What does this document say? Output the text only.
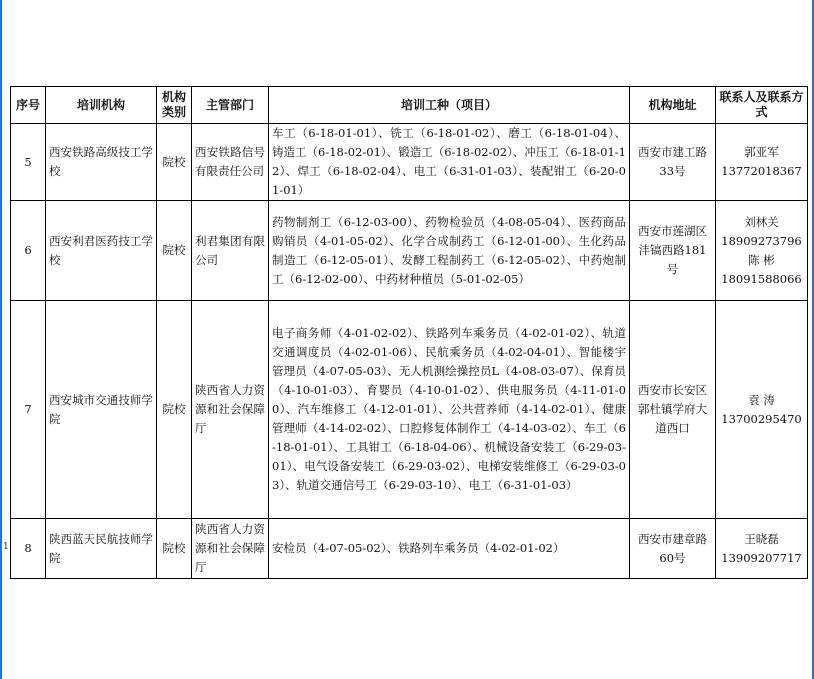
1
序号	培训机构	机构类别	主管部门	培训工种（项目）	机构地址	联系人及联系方式
5	西安铁路高级技工学校	院校	西安铁路信号有限责任公司	车工（6-18-01-01）、铣工（6-18-01-02）、磨工（6-18-01-04）、铸造工（6-18-02-01）、锻造工（6-18-02-02）、冲压工（6-18-01-12）、焊工（6-18-02-04）、电工（6-31-01-03）、装配钳工（6-20-01-01）	西安市建工路33号	郭亚军
13772018367

6	西安利君医药技工学校	院校	利君集团有限公司	药物制剂工（6-12-03-00）、药物检验员（4-08-05-04）、医药商品购销员（4-01-05-02）、化学合成制药工（6-12-01-00）、生化药品制造工（6-12-05-01）、发酵工程制药工（6-12-05-02）、中药炮制工（6-12-02-00）、中药材种植员（5-01-02-05）	西安市莲湖区沣镐西路181号	刘林关
18909273796
陈 彬
18091588066

7	西安城市交通技师学院	院校	陕西省人力资源和社会保障厅	电子商务师（4-01-02-02）、铁路列车乘务员（4-02-01-02）、轨道交通调度员（4-02-01-06）、民航乘务员（4-02-04-01）、智能楼宇管理员（4-07-05-03）、无人机测绘操控员L（4-08-03-07）、保育员（4-10-01-03）、育婴员（4-10-01-02）、供电服务员（4-11-01-00）、汽车维修工（4-12-01-01）、公共营养师（4-14-02-01）、健康管理师（4-14-02-02）、口腔修复体制作工（4-14-03-02）、车工（6-18-01-01）、工具钳工（6-18-04-06）、机械设备安装工（6-29-03-01）、电气设备安装工（6-29-03-02）、电梯安装维修工（6-29-03-03）、轨道交通信号工（6-29-03-10）、电工（6-31-01-03）	西安市长安区郭杜镇学府大道西口	袁 涛
13700295470

8	陕西蓝天民航技师学院	院校	陕西省人力资源和社会保障厅	安检员（4-07-05-02）、铁路列车乘务员（4-02-01-02）	西安市建章路60号	王晓磊
13909207717
